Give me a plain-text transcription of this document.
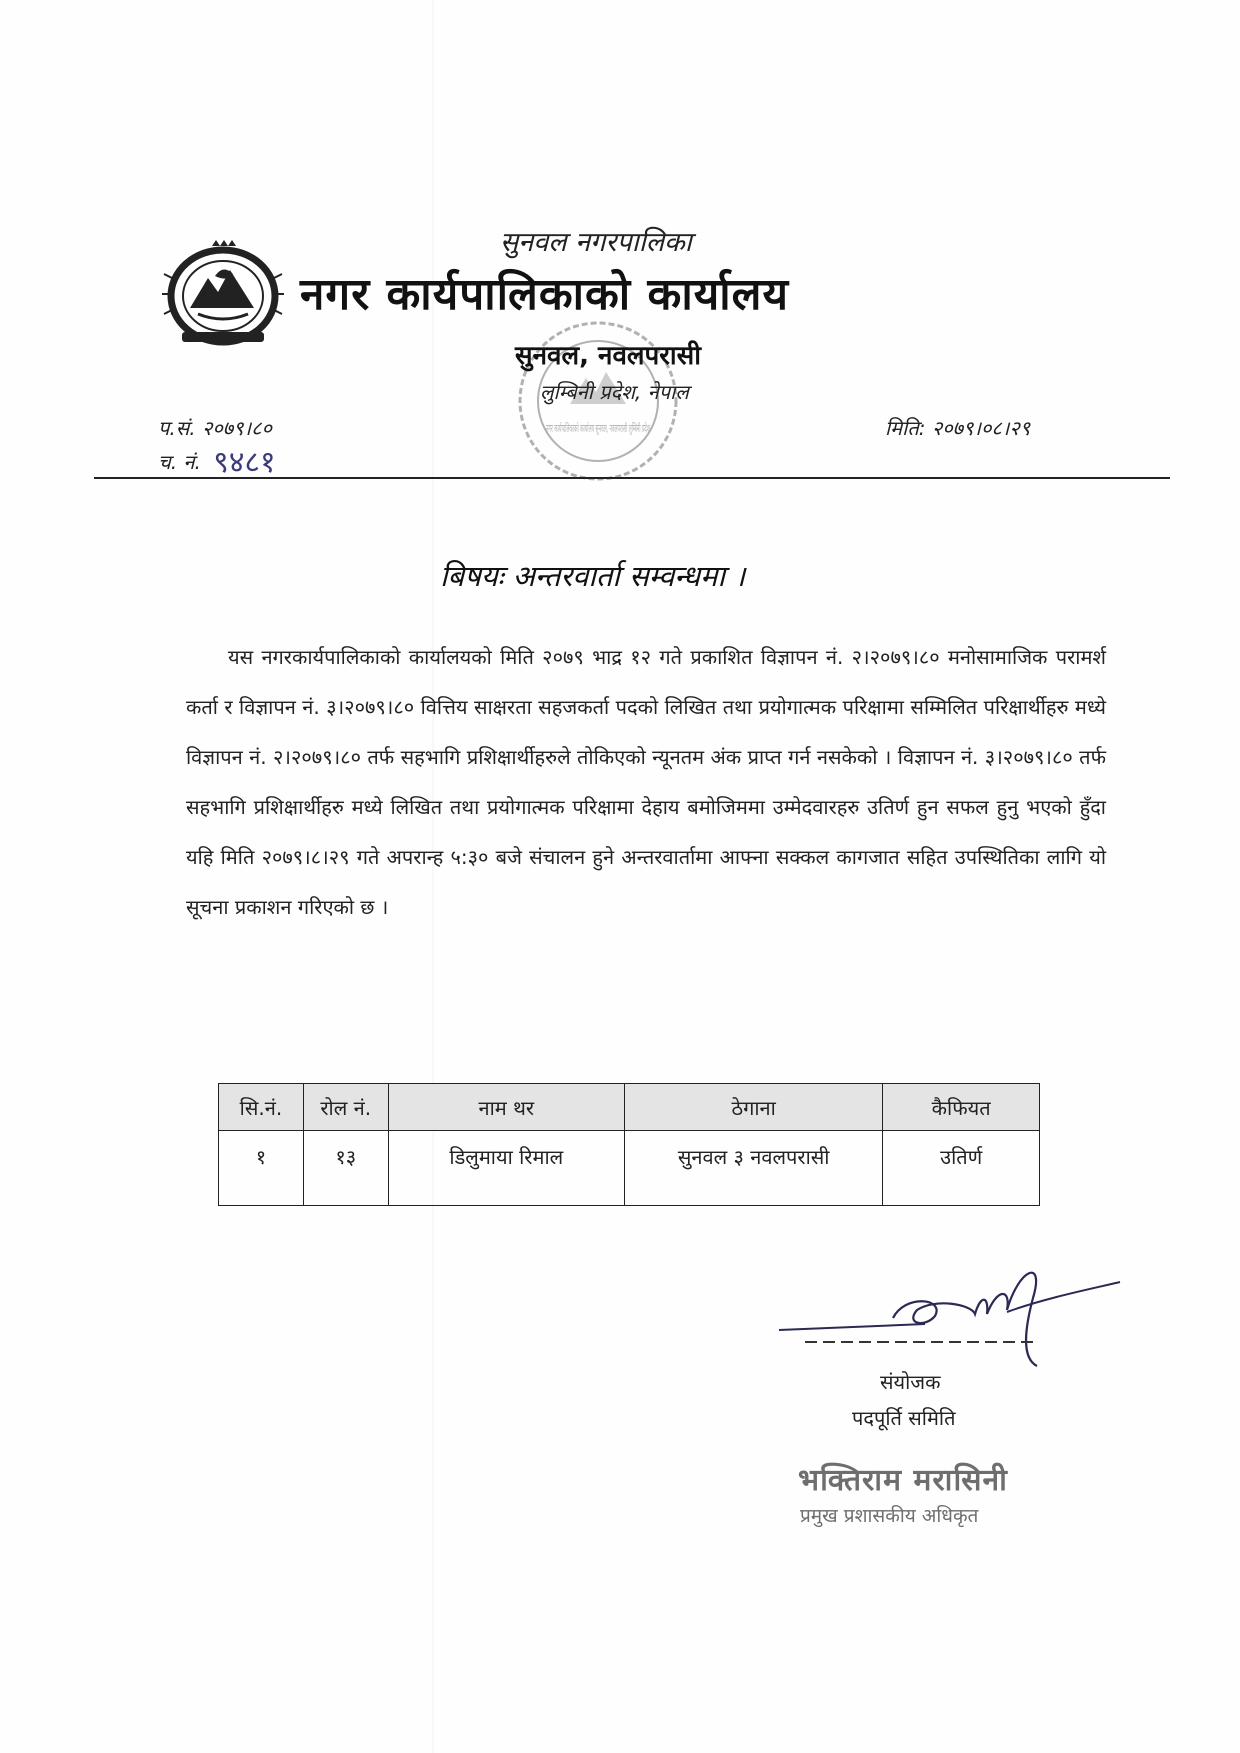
सुनवल नगरपालिका
नगर कार्यपालिकाको कार्यालय
नगर कार्यपालिकाको कार्यालय सुनवल, नवलपरासी लुम्बिनी प्रदेश
सुनवल, नवलपरासी
लुम्बिनी प्रदेश, नेपाल
प.सं. २०७९।८०
च. नं. ९४८१
मिति: २०७९।०८।२९
बिषयः अन्तरवार्ता सम्वन्धमा ।

यस नगरकार्यपालिकाको कार्यालयको मिति २०७९ भाद्र १२ गते प्रकाशित विज्ञापन नं. २।२०७९।८० मनोसामाजिक परामर्श कर्ता र विज्ञापन नं. ३।२०७९।८० वित्तिय साक्षरता सहजकर्ता पदको लिखित तथा प्रयोगात्मक परिक्षामा सम्मिलित परिक्षार्थीहरु मध्ये विज्ञापन नं. २।२०७९।८० तर्फ सहभागि प्रशिक्षार्थीहरुले तोकिएको न्यूनतम अंक प्राप्त गर्न नसकेको । विज्ञापन नं. ३।२०७९।८० तर्फ सहभागि प्रशिक्षार्थीहरु मध्ये लिखित तथा प्रयोगात्मक परिक्षामा देहाय बमोजिममा उम्मेदवारहरु उतिर्ण हुन सफल हुनु भएको हुँदा यहि मिति २०७९।८।२९ गते अपरान्ह ५:३० बजे संचालन हुने अन्तरवार्तामा आफ्ना सक्कल कागजात सहित उपस्थितिका लागि यो सूचना प्रकाशन गरिएको छ ।

सि.नं.	रोल नं.	नाम थर	ठेगाना	कैफियत
१	१३	डिलुमाया रिमाल	सुनवल ३ नवलपरासी	उतिर्ण
संयोजक
पदपूर्ति समिति
भक्तिराम मरासिनी
प्रमुख प्रशासकीय अधिकृत
